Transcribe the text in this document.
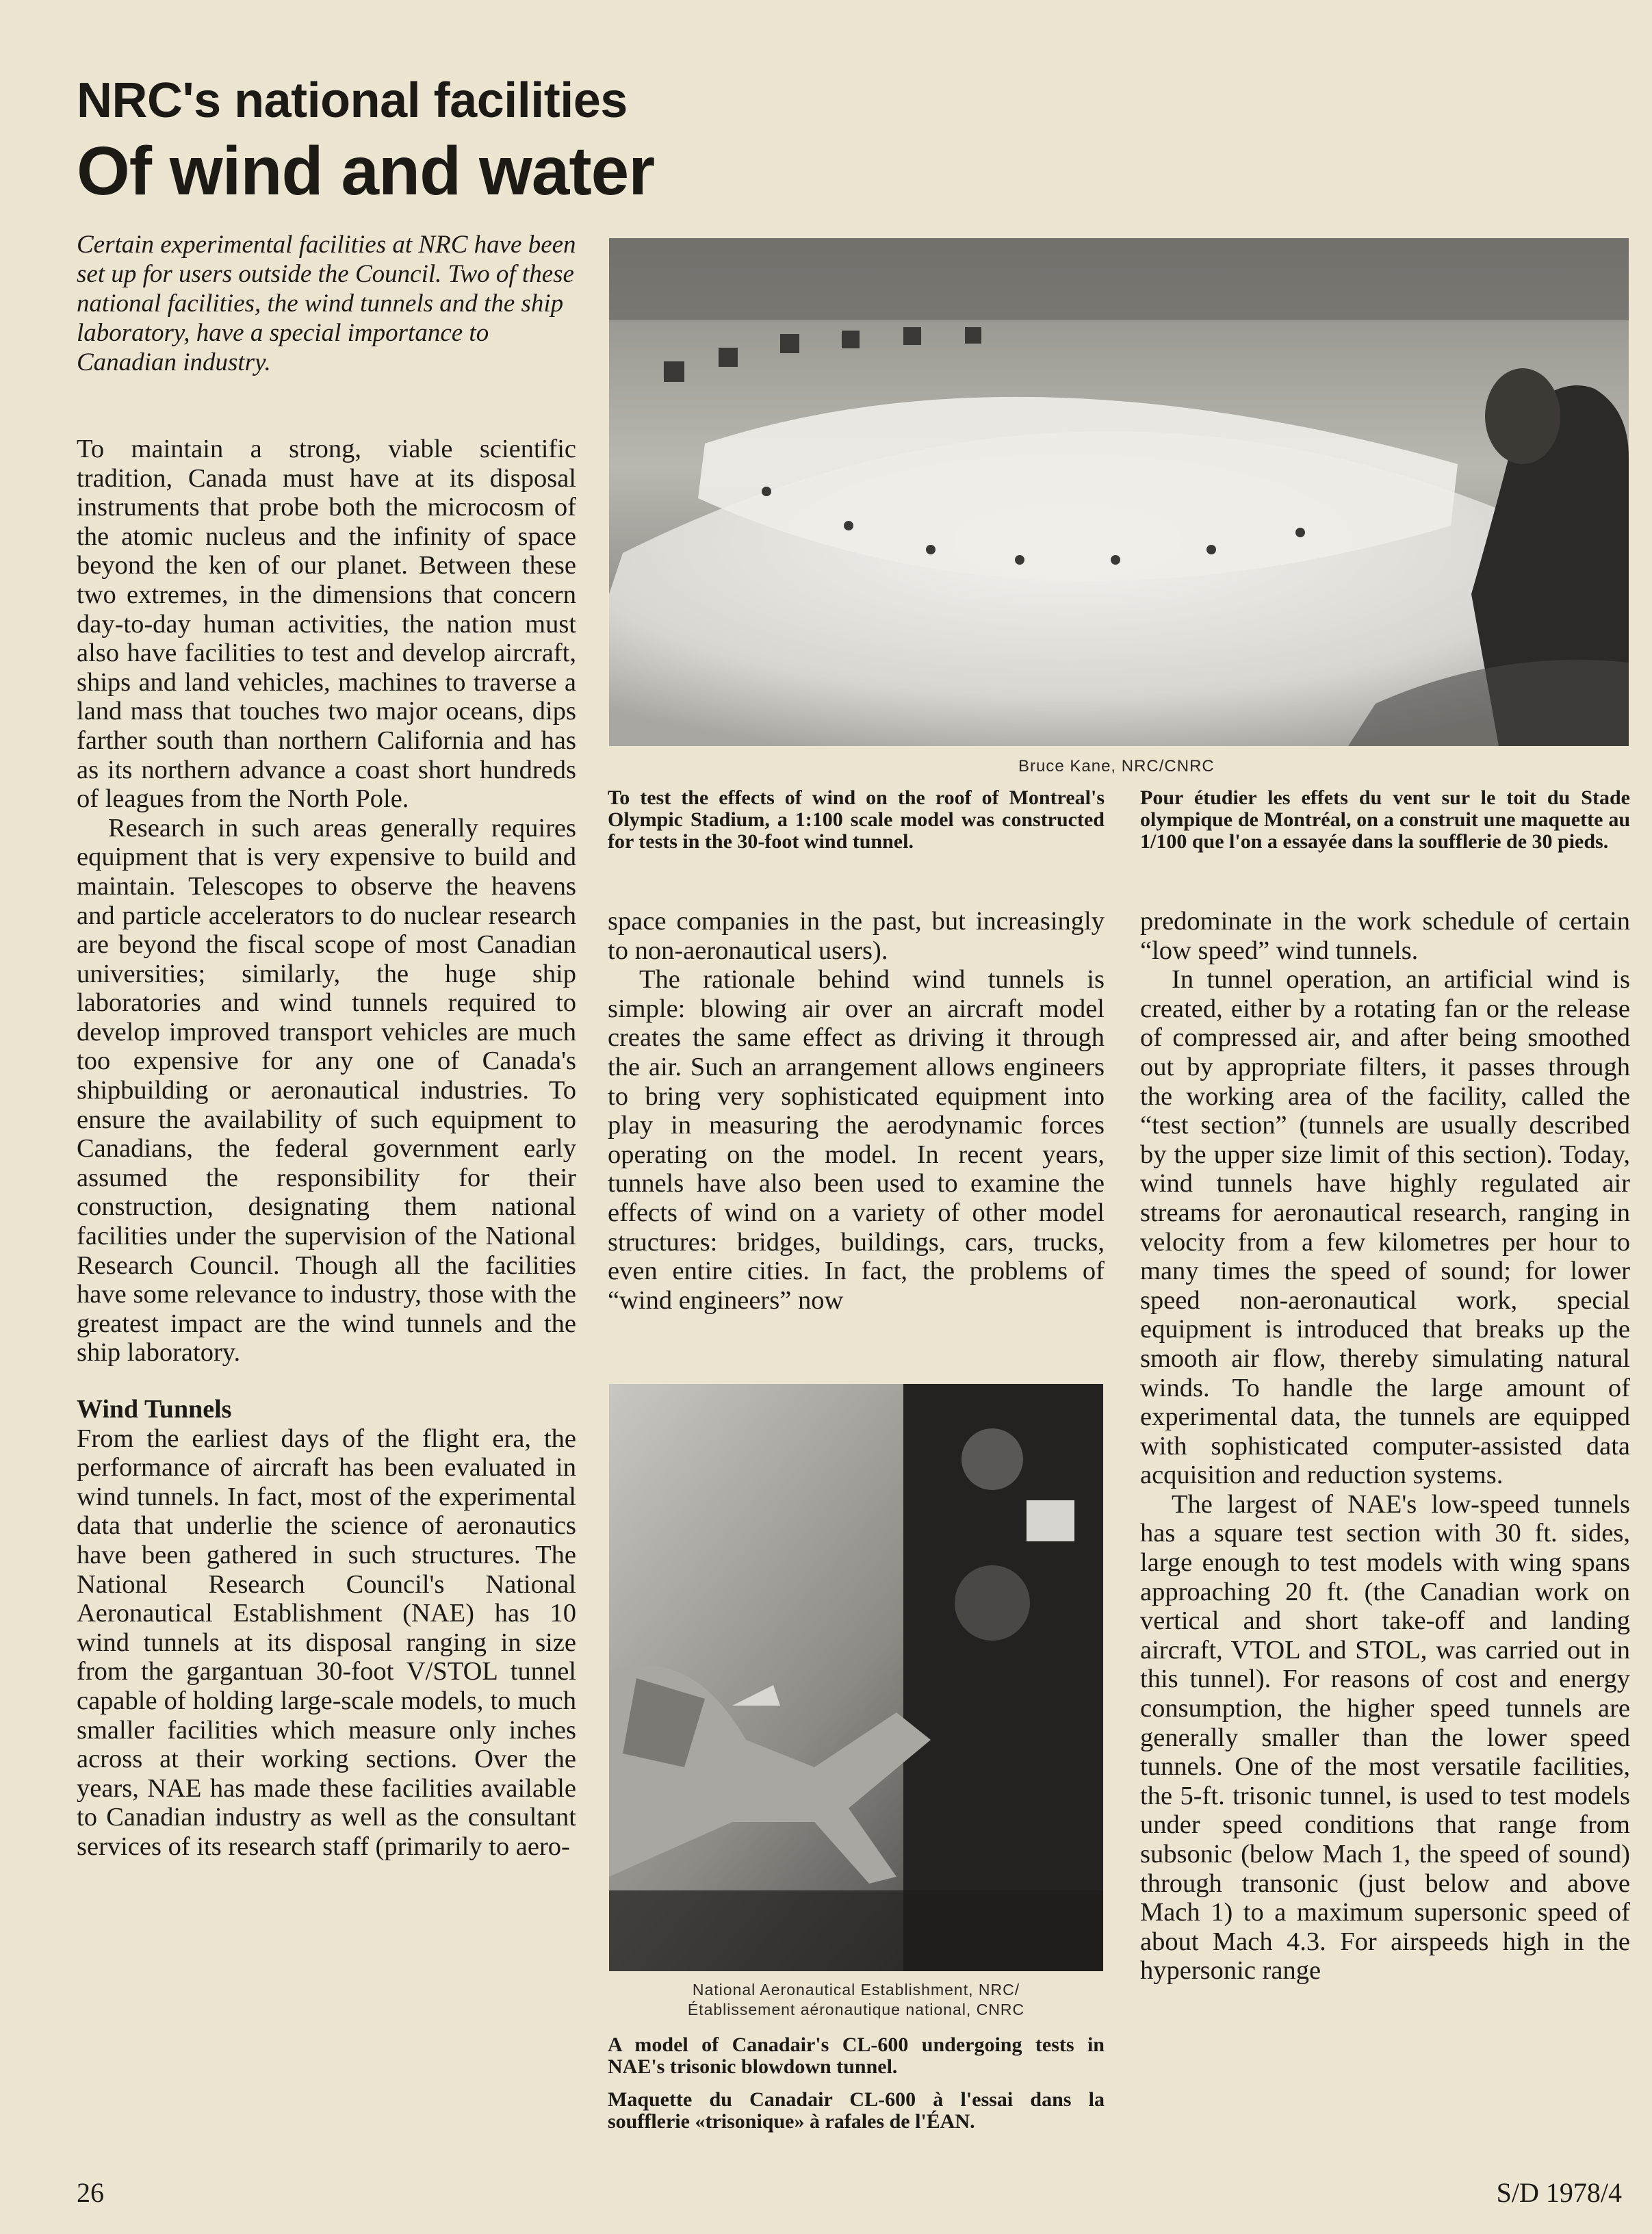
NRC's national facilities
Of wind and water
Certain experimental facilities at NRC have been set up for users outside the Council. Two of these national facilities, the wind tunnels and the ship laboratory, have a special importance to Canadian industry.

To maintain a strong, viable scientific tradition, Canada must have at its disposal instruments that probe both the microcosm of the atomic nucleus and the infinity of space beyond the ken of our planet. Between these two extremes, in the dimensions that concern day-to-day human activities, the nation must also have facilities to test and develop aircraft, ships and land vehicles, machines to traverse a land mass that touches two major oceans, dips farther south than northern California and has as its northern advance a coast short hundreds of leagues from the North Pole.

Research in such areas generally requires equipment that is very expensive to build and maintain. Telescopes to observe the heavens and particle accelerators to do nuclear research are beyond the fiscal scope of most Canadian universities; similarly, the huge ship laboratories and wind tunnels required to develop improved transport vehicles are much too expensive for any one of Canada's shipbuilding or aeronautical industries. To ensure the availability of such equipment to Canadians, the federal government early assumed the responsibility for their construction, designating them national facilities under the supervision of the National Research Council. Though all the facilities have some relevance to industry, those with the greatest impact are the wind tunnels and the ship laboratory.

Wind Tunnels

From the earliest days of the flight era, the performance of aircraft has been evaluated in wind tunnels. In fact, most of the experimental data that underlie the science of aeronautics have been gathered in such structures. The National Research Council's National Aeronautical Establishment (NAE) has 10 wind tunnels at its disposal ranging in size from the gargantuan 30-foot V/STOL tunnel capable of holding large-scale models, to much smaller facilities which measure only inches across at their working sections. Over the years, NAE has made these facilities available to Canadian industry as well as the consultant services of its research staff (primarily to aero-

Bruce Kane, NRC/CNRC
To test the effects of wind on the roof of Montreal's Olympic Stadium, a 1:100 scale model was constructed for tests in the 30-foot wind tunnel.
Pour étudier les effets du vent sur le toit du Stade olympique de Montréal, on a construit une maquette au 1/100 que l'on a essayée dans la soufflerie de 30 pieds.

space companies in the past, but increasingly to non-aeronautical users).

The rationale behind wind tunnels is simple: blowing air over an aircraft model creates the same effect as driving it through the air. Such an arrangement allows engineers to bring very sophisticated equipment into play in measuring the aerodynamic forces operating on the model. In recent years, tunnels have also been used to examine the effects of wind on a variety of other model structures: bridges, buildings, cars, trucks, even entire cities. In fact, the problems of “wind engineers” now

National Aeronautical Establishment, NRC/
Établissement aéronautique national, CNRC
A model of Canadair's CL-600 undergoing tests in NAE's trisonic blowdown tunnel.
Maquette du Canadair CL-600 à l'essai dans la soufflerie «trisonique» à rafales de l'ÉAN.

predominate in the work schedule of certain “low speed” wind tunnels.

In tunnel operation, an artificial wind is created, either by a rotating fan or the release of compressed air, and after being smoothed out by appropriate filters, it passes through the working area of the facility, called the “test section” (tunnels are usually described by the upper size limit of this section). Today, wind tunnels have highly regulated air streams for aeronautical research, ranging in velocity from a few kilometres per hour to many times the speed of sound; for lower speed non-aeronautical work, special equipment is introduced that breaks up the smooth air flow, thereby simulating natural winds. To handle the large amount of experimental data, the tunnels are equipped with sophisticated computer-assisted data acquisition and reduction systems.

The largest of NAE's low-speed tunnels has a square test section with 30 ft. sides, large enough to test models with wing spans approaching 20 ft. (the Canadian work on vertical and short take-off and landing aircraft, VTOL and STOL, was carried out in this tunnel). For reasons of cost and energy consumption, the higher speed tunnels are generally smaller than the lower speed tunnels. One of the most versatile facilities, the 5-ft. trisonic tunnel, is used to test models under speed conditions that range from subsonic (below Mach 1, the speed of sound) through transonic (just below and above Mach 1) to a maximum supersonic speed of about Mach 4.3. For airspeeds high in the hypersonic range

26	S/D 1978/4
